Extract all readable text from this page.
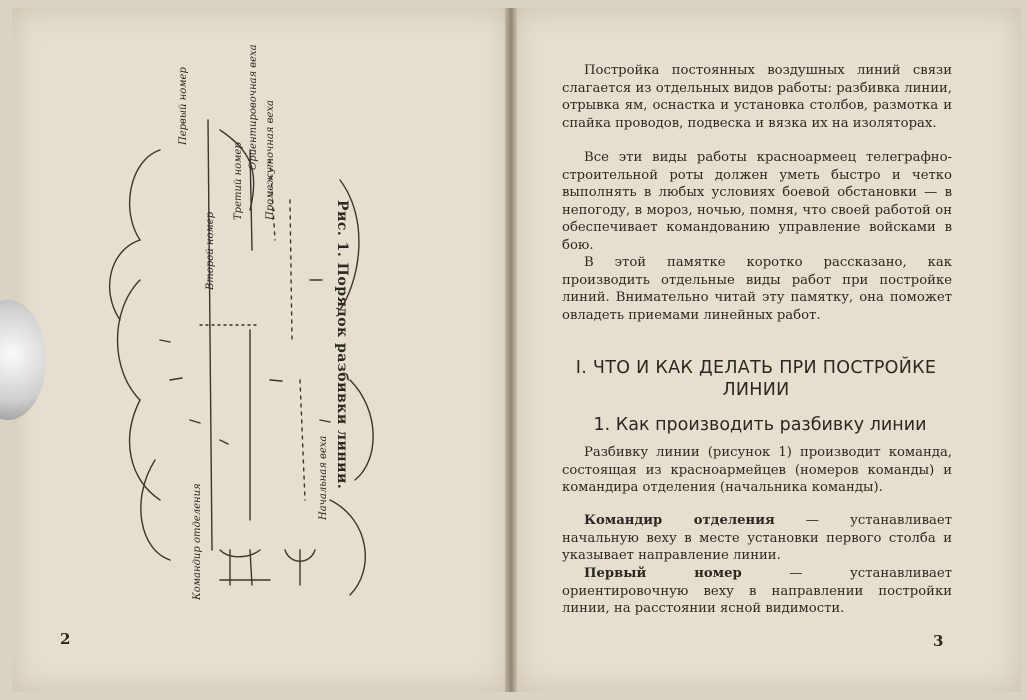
Командир отделения
Начальная веха
Второй номер
Третий номер
Первый номер	Ориентировочная веха Промежуточная веха
Рис. 1. Порядок разбивки линии.
2
Постройка постоянных воздушных линий связи слагается из отдельных видов работы: разбивка линии, отрывка ям, оснастка и установка столбов, размотка и спайка проводов, подвеска и вязка их на изоляторах.
Все эти виды работы красноармеец телеграфно-строительной роты должен уметь быстро и четко выполнять в любых условиях боевой обстановки — в непогоду, в мороз, ночью, помня, что своей работой он обеспечивает командованию управление войсками в бою.
В этой памятке коротко рассказано, как производить отдельные виды работ при постройке линий. Внимательно читай эту памятку, она поможет овладеть приемами линейных работ.
I. ЧТО И КАК ДЕЛАТЬ ПРИ ПОСТРОЙКЕ ЛИНИИ
1. Как производить разбивку линии
Разбивку линии (рисунок 1) производит команда, состоящая из красноармейцев (номеров команды) и командира отделения (начальника команды).
Командир отделения — устанавливает начальную веху в месте установки первого столба и указывает направление линии.
Первый номер — устанавливает ориентировочную веху в направлении постройки линии, на расстоянии ясной видимости.
3
